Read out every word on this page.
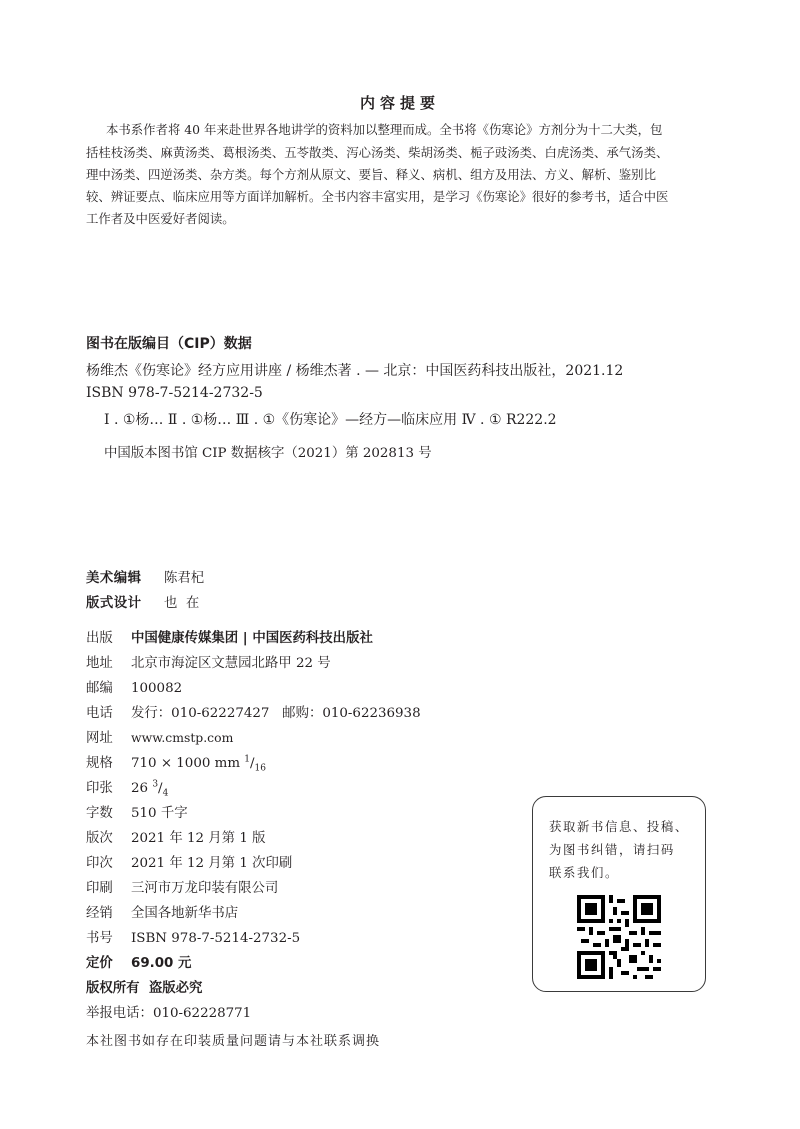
内容提要
本书系作者将 40 年来赴世界各地讲学的资料加以整理而成。全书将《伤寒论》方剂分为十二大类，包
括桂枝汤类、麻黄汤类、葛根汤类、五苓散类、泻心汤类、柴胡汤类、栀子豉汤类、白虎汤类、承气汤类、
理中汤类、四逆汤类、杂方类。每个方剂从原文、要旨、释义、病机、组方及用法、方义、解析、鉴别比
较、辨证要点、临床应用等方面详加解析。全书内容丰富实用，是学习《伤寒论》很好的参考书，适合中医
工作者及中医爱好者阅读。
图书在版编目（CIP）数据
杨维杰《伤寒论》经方应用讲座 / 杨维杰著 . — 北京：中国医药科技出版社，2021.12
ISBN 978-7-5214-2732-5
Ⅰ . ①杨… Ⅱ . ①杨… Ⅲ . ①《伤寒论》—经方—临床应用 Ⅳ . ① R222.2
中国版本图书馆 CIP 数据核字（2021）第 202813 号
美术编辑 陈君杞
版式设计 也  在
出版 中国健康传媒集团 | 中国医药科技出版社
地址 北京市海淀区文慧园北路甲 22 号
邮编 100082
电话 发行：010-62227427   邮购：010-62236938
网址 www.cmstp.com
规格 710 × 1000 mm $^1/_{16}$
印张 26 $^3/_4$
字数 510 千字
版次 2021 年 12 月第 1 版
印次 2021 年 12 月第 1 次印刷
印刷 三河市万龙印装有限公司
经销 全国各地新华书店
书号 ISBN 978-7-5214-2732-5
定价 69.00 元
版权所有  盗版必究
举报电话：010-62228771
本社图书如存在印装质量问题请与本社联系调换
获取新书信息、投稿、
为图书纠错，请扫码
联系我们。
